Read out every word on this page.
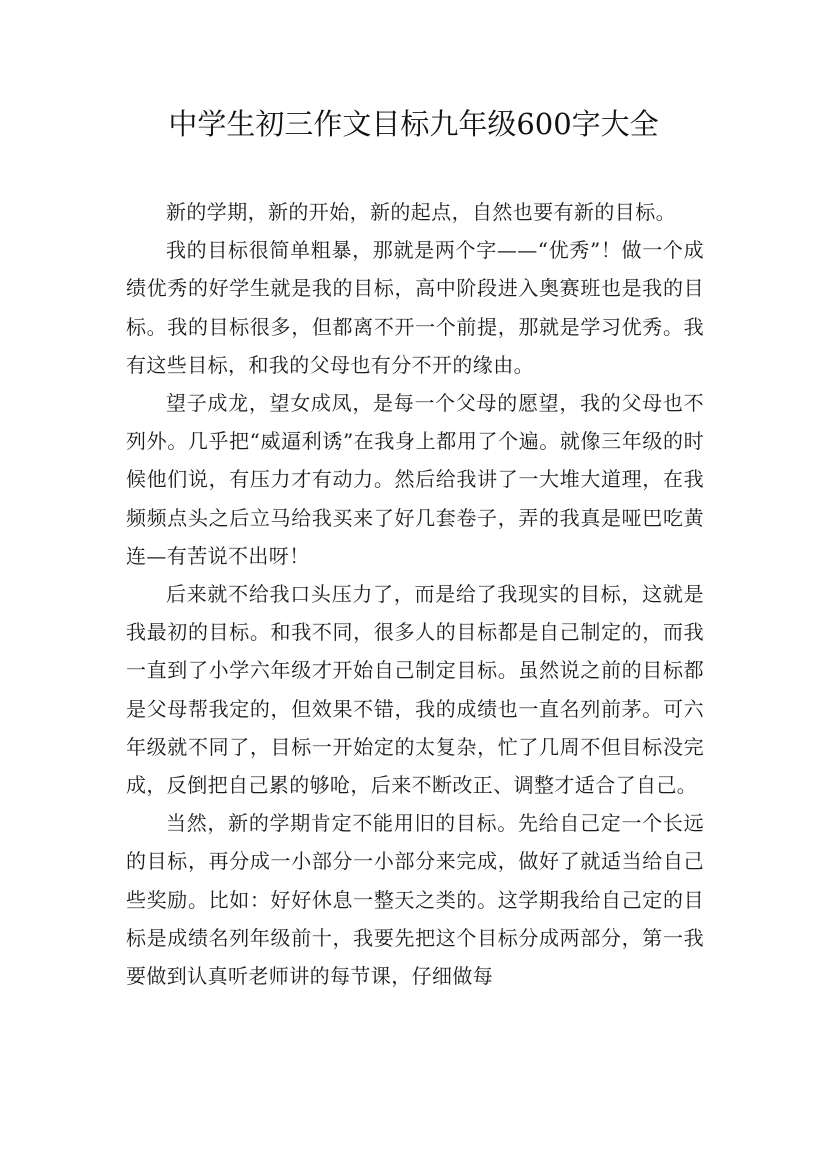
中学生初三作文目标九年级600字大全

新的学期，新的开始，新的起点，自然也要有新的目标。

我的目标很简单粗暴，那就是两个字——“优秀”！做一个成绩优秀的好学生就是我的目标，高中阶段进入奥赛班也是我的目标。我的目标很多，但都离不开一个前提，那就是学习优秀。我有这些目标，和我的父母也有分不开的缘由。

望子成龙，望女成凤，是每一个父母的愿望，我的父母也不列外。几乎把“威逼利诱”在我身上都用了个遍。就像三年级的时候他们说，有压力才有动力。然后给我讲了一大堆大道理，在我频频点头之后立马给我买来了好几套卷子，弄的我真是哑巴吃黄连—有苦说不出呀！

后来就不给我口头压力了，而是给了我现实的目标，这就是我最初的目标。和我不同，很多人的目标都是自己制定的，而我一直到了小学六年级才开始自己制定目标。虽然说之前的目标都是父母帮我定的，但效果不错，我的成绩也一直名列前茅。可六年级就不同了，目标一开始定的太复杂，忙了几周不但目标没完成，反倒把自己累的够呛，后来不断改正、调整才适合了自己。

当然，新的学期肯定不能用旧的目标。先给自己定一个长远的目标，再分成一小部分一小部分来完成，做好了就适当给自己些奖励。比如：好好休息一整天之类的。这学期我给自己定的目标是成绩名列年级前十，我要先把这个目标分成两部分，第一我要做到认真听老师讲的每节课，仔细做每
